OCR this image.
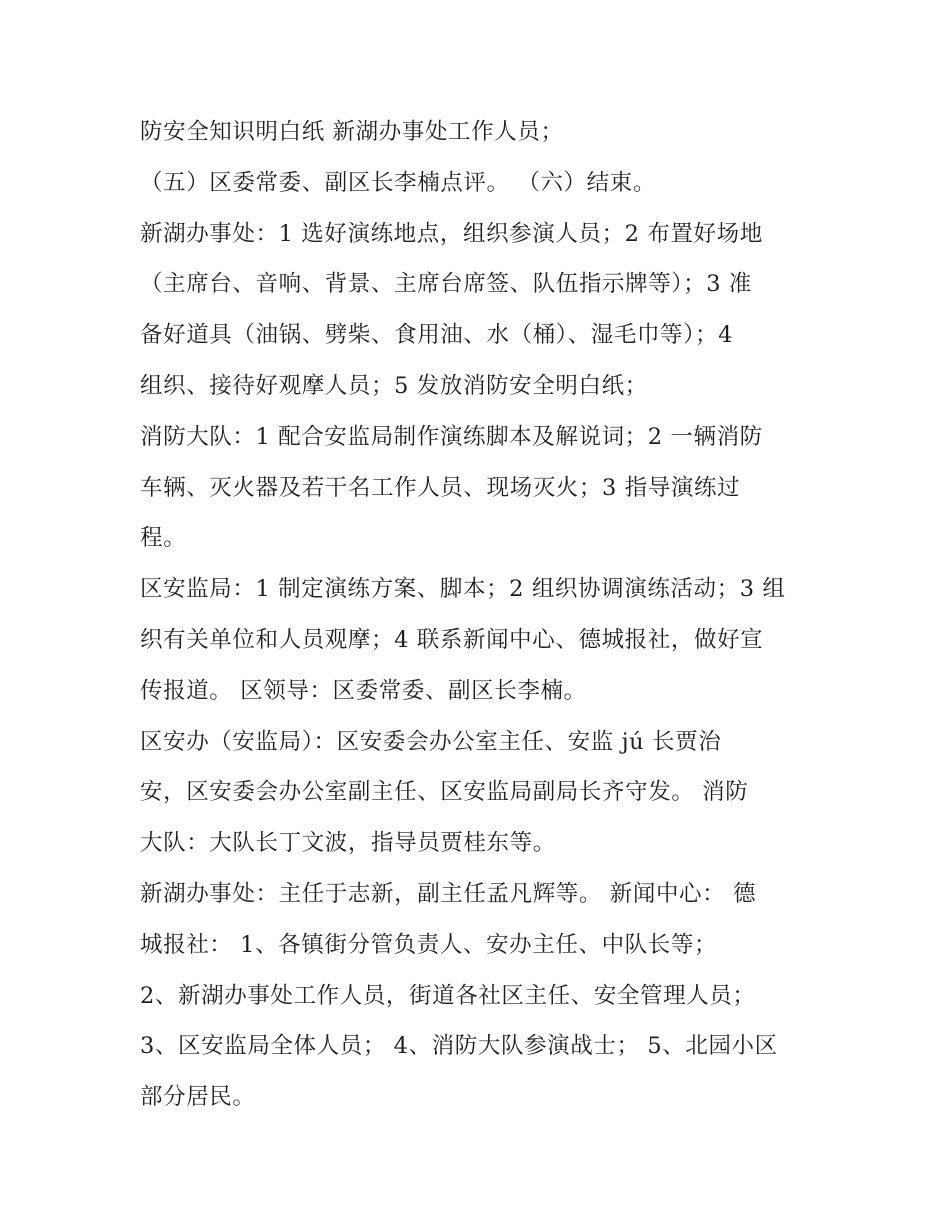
防安全知识明白纸 新湖办事处工作人员；
（五）区委常委、副区长李楠点评。 （六）结束。
新湖办事处：1 选好演练地点，组织参演人员；2 布置好场地
（主席台、音响、背景、主席台席签、队伍指示牌等）；3 准
备好道具（油锅、劈柴、食用油、水（桶）、湿毛巾等）；4
组织、接待好观摩人员；5 发放消防安全明白纸；
消防大队：1 配合安监局制作演练脚本及解说词；2 一辆消防
车辆、灭火器及若干名工作人员、现场灭火；3 指导演练过
程。
区安监局：1 制定演练方案、脚本；2 组织协调演练活动；3 组
织有关单位和人员观摩；4 联系新闻中心、德城报社，做好宣
传报道。 区领导：区委常委、副区长李楠。
区安办（安监局）：区安委会办公室主任、安监 jú 长贾治
安，区安委会办公室副主任、区安监局副局长齐守发。 消防
大队：大队长丁文波，指导员贾桂东等。
新湖办事处：主任于志新，副主任孟凡辉等。 新闻中心： 德
城报社： 1、各镇街分管负责人、安办主任、中队长等；
2、新湖办事处工作人员，街道各社区主任、安全管理人员；
3、区安监局全体人员； 4、消防大队参演战士； 5、北园小区
部分居民。
